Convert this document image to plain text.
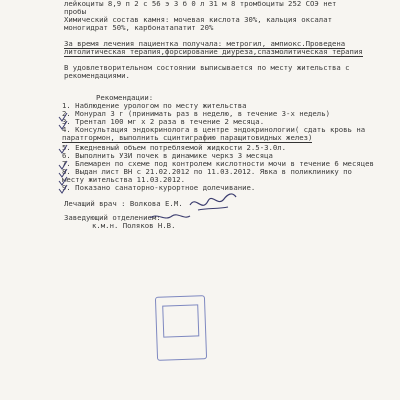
лейкоциты 8,9 п 2 с 56 э 3 б 0 л 31 м 8 тромбоциты 252 СОЭ нет
пробы
Химический состав камня: мочевая кислота 30%, кальция оксалат
моногидрат 50%, карбонатапатит 20%
За время лечения пациентка получала: метрогил, ампиокс.Проведена
литолитическая терапия,форсирование диуреза,спазмолитическая терапия
В удовлетворительном состоянии выписывается по месту жительства с
рекомендациями.
Рекомендации:
1. Наблюдение урологом по месту жительства
2. Монурал 3 г (принимать раз в неделю, в течение 3-х недель)
3. Трентал 100 мг х 2 раза в течение 2 месяца.
4. Консультация эндокринолога в центре эндокринологии( сдать кровь на
паратгормон, выполнить сцинтиграфию паращитовидных желез)
5. Ежедневный объем потребляемой жидкости 2.5-3.0л.
6. Выполнить УЗИ почек в динамике черкз 3 месяца
7. Блемарен по схеме под контролем кислотности мочи в течение 6 месяцев
8. Выдан лист ВН с 21.02.2012 по 11.03.2012. Явка в поликлинику по
месту жительства 11.03.2012.
9. Показано санаторно-курортное долечивание.
Лечащий врач : Волкова Е.М.
Заведующий отделением:
к.м.н. Поляков Н.В.
